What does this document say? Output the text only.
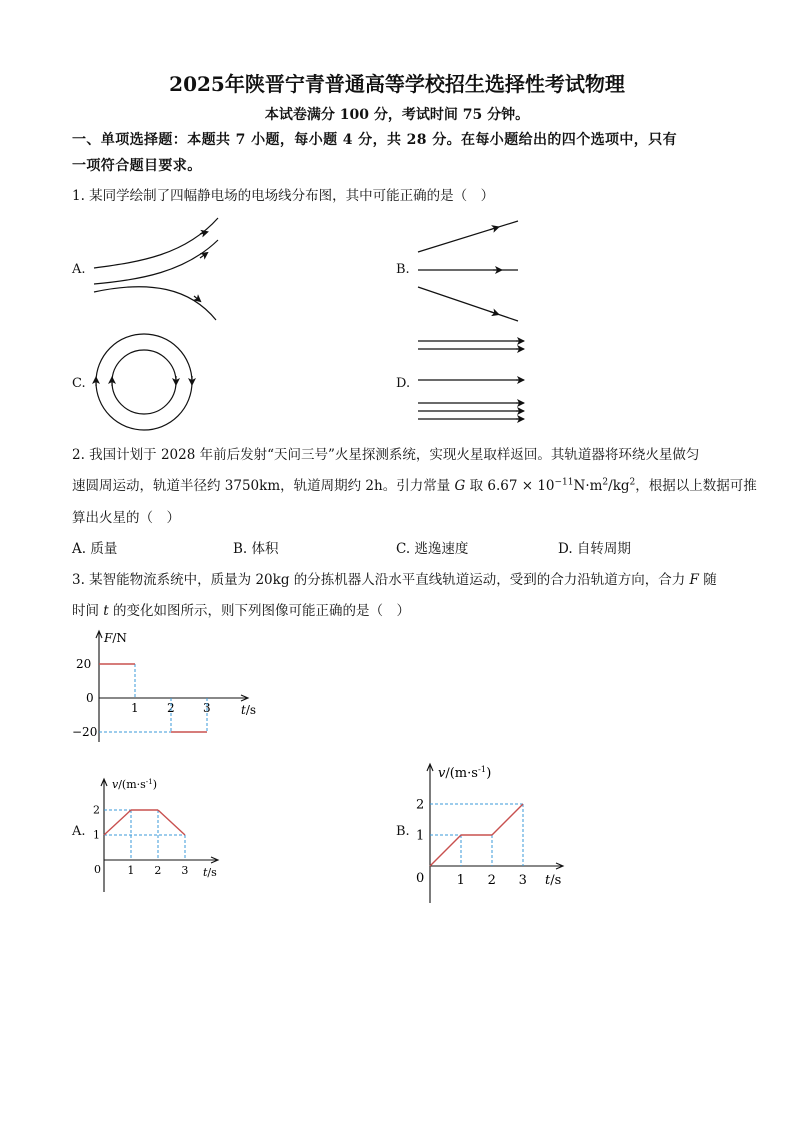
2025年陕晋宁青普通高等学校招生选择性考试物理
本试卷满分 100 分，考试时间 75 分钟。
一、单项选择题：本题共 7 小题，每小题 4 分，共 28 分。在每小题给出的四个选项中，只有
一项符合题目要求。
1. 某同学绘制了四幅静电场的电场线分布图，其中可能正确的是（　）
A.	B.
C.	D.
2. 我国计划于 2028 年前后发射“天问三号”火星探测系统，实现火星取样返回。其轨道器将环绕火星做匀
速圆周运动，轨道半径约 3750km，轨道周期约 2h。引力常量 G 取 $6.67 \times 10^{-11}N\cdot m^2/kg^2$，根据以上数据可推
算出火星的（　）
A. 质量	B. 体积	C. 逃逸速度	D. 自转周期
3. 某智能物流系统中，质量为 20kg 的分拣机器人沿水平直线轨道运动，受到的合力沿轨道方向，合力 F 随
时间 t 的变化如图所示，则下列图像可能正确的是（　）
A.	B.
F/N
t/s
20
0
−20
1 2 3
$v/(m\cdot s^{-1})$
t/s
0
1
2
1 2 3
$v/(m\cdot s^{-1})$
t/s
0
1
2
1 2 3
